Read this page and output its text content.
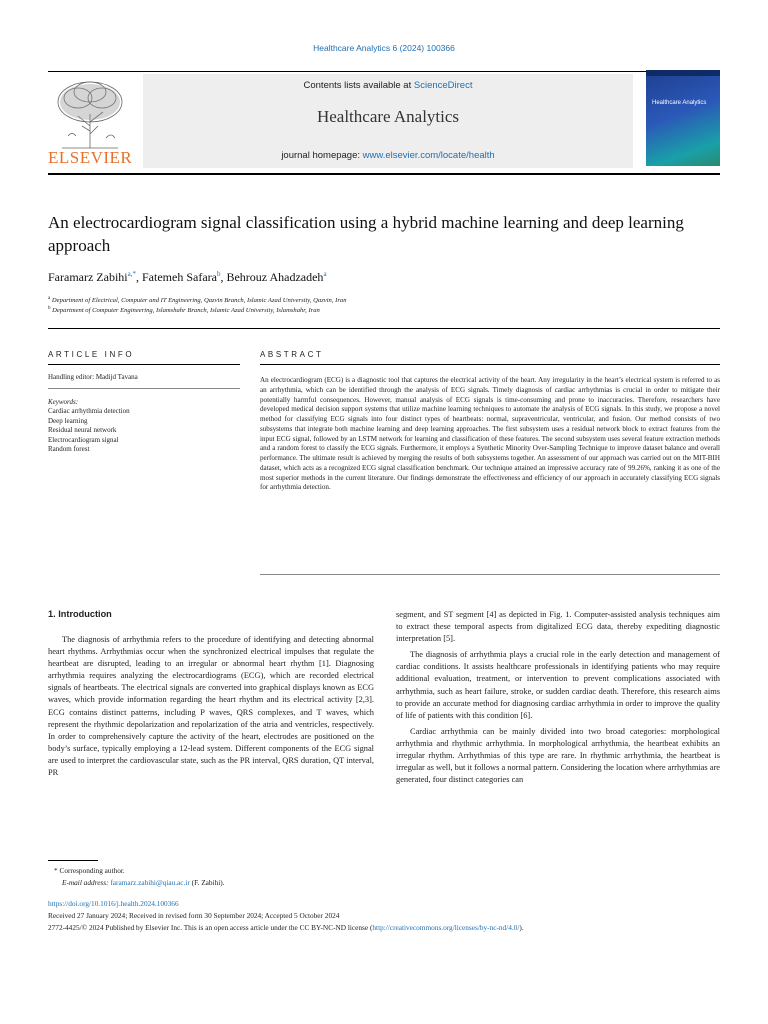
Healthcare Analytics 6 (2024) 100366
ELSEVIER
Contents lists available at ScienceDirect
Healthcare Analytics
journal homepage: www.elsevier.com/locate/health
Healthcare Analytics
An electrocardiogram signal classification using a hybrid machine learning and deep learning approach
Faramarz Zabihi$^{a,*}$, Fatemeh Safara$^b$, Behrouz Ahadzadeh$^a$
$^a$ Department of Electrical, Computer and IT Engineering, Qazvin Branch, Islamic Azad University, Qazvin, Iran
$^b$ Department of Computer Engineering, Islamshahr Branch, Islamic Azad University, Islamshahr, Iran
ARTICLE INFO
Handling editor: Madijd Tavana
Keywords:
Cardiac arrhythmia detection
Deep learning
Residual neural network
Electrocardiogram signal
Random forest
ABSTRACT
An electrocardiogram (ECG) is a diagnostic tool that captures the electrical activity of the heart. Any irregularity in the heart’s electrical system is referred to as an arrhythmia, which can be identified through the analysis of ECG signals. Timely diagnosis of cardiac arrhythmias is crucial in order to mitigate their potentially harmful consequences. However, manual analysis of ECG signals is time-consuming and prone to inaccuracies. Therefore, researchers have developed medical decision support systems that utilize machine learning techniques to automate the analysis of ECG signals. In this study, we propose a novel method for classifying ECG signals into four distinct types of heartbeats: normal, supraventricular, ventricular, and fusion. Our method consists of two subsystems that integrate both machine learning and deep learning approaches. The first subsystem uses a residual network block to extract features from the input ECG signal, followed by an LSTM network for learning and classification of these features. The second subsystem uses several feature extraction methods and a random forest to classify the ECG signals. Furthermore, it employs a Synthetic Minority Over-Sampling Technique to improve dataset balance and overall performance. The ultimate result is achieved by merging the results of both subsystems together. An assessment of our approach was carried out on the MIT-BIH dataset, which acts as a recognized ECG signal classification benchmark. Our technique attained an impressive accuracy rate of 99.26%, ranking it as one of the most superior methods in the current literature. Our findings demonstrate the effectiveness and efficiency of our approach in accurately classifying ECG signals for arrhythmia detection.
1. Introduction

The diagnosis of arrhythmia refers to the procedure of identifying and detecting abnormal heart rhythms. Arrhythmias occur when the synchronized electrical impulses that regulate the heartbeat are disrupted, leading to an irregular or abnormal heart rhythm [1]. Diagnosing arrhythmia requires analyzing the electrocardiograms (ECG), which are recorded electrical signals of heartbeats. The electrical signals are converted into graphical displays known as ECG waves, which provide information regarding the heart rhythm and its electrical activity [2,3]. ECG contains distinct patterns, including P waves, QRS complexes, and T waves, which represent the rhythmic depolarization and repolarization of the atria and ventricles, respectively. In order to comprehensively capture the activity of the heart, electrodes are positioned on the body’s surface, typically employing a 12-lead system. Different components of the ECG signal are used to interpret the cardiovascular state, such as the PR interval, QRS duration, QT interval, PR

segment, and ST segment [4] as depicted in Fig. 1. Computer-assisted analysis techniques aim to extract these temporal aspects from digitalized ECG data, thereby expediting diagnostic interpretation [5].

The diagnosis of arrhythmia plays a crucial role in the early detection and management of cardiac conditions. It assists healthcare professionals in identifying patients who may require additional evaluation, treatment, or intervention to prevent complications associated with arrhythmia, such as heart failure, stroke, or sudden cardiac death. Therefore, this research aims to provide an accurate method for diagnosing cardiac arrhythmia in order to improve the quality of life of patients with this condition [6].

Cardiac arrhythmia can be mainly divided into two broad categories: morphological arrhythmia and rhythmic arrhythmia. In morphological arrhythmia, the heartbeat exhibits an irregular rhythm. Arrhythmias of this type are rare. In rhythmic arrhythmia, the heartbeat is irregular as well, but it follows a normal pattern. Considering the location where arrhythmias are generated, four distinct categories can

* Corresponding author.
E-mail address: faramarz.zabihi@qiau.ac.ir (F. Zabihi).
https://doi.org/10.1016/j.health.2024.100366
Received 27 January 2024; Received in revised form 30 September 2024; Accepted 5 October 2024
2772-4425/© 2024 Published by Elsevier Inc. This is an open access article under the CC BY-NC-ND license (http://creativecommons.org/licenses/by-nc-nd/4.0/).
